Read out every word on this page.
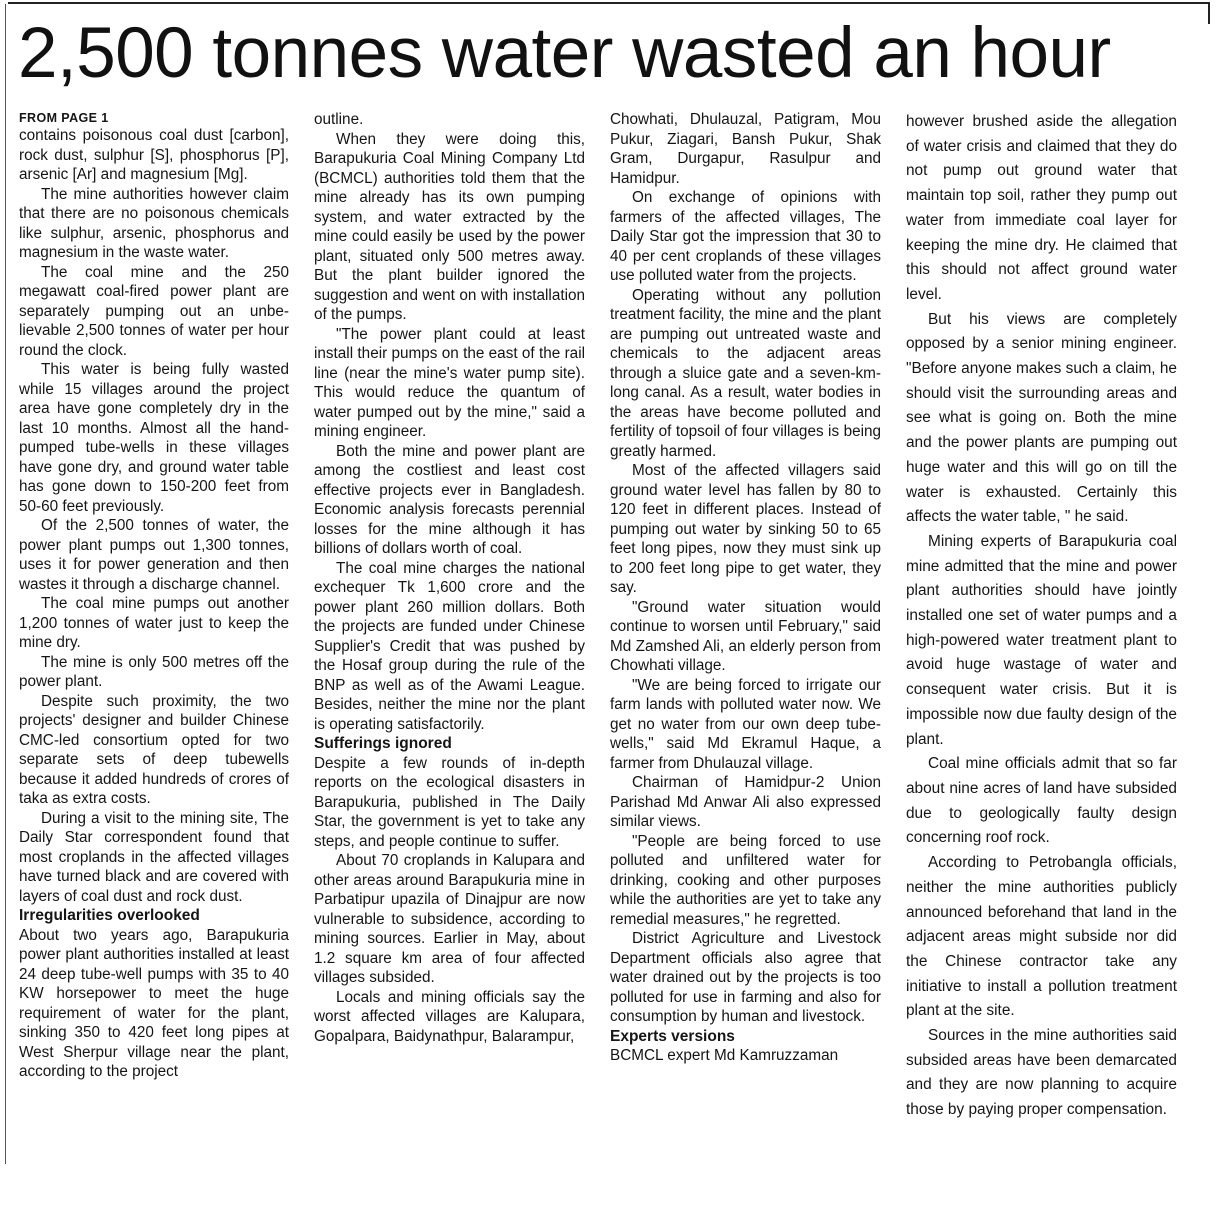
2,500 tonnes water wasted an hour
FROM PAGE 1

contains poisonous coal dust [carbon], rock dust, sulphur [S], phosphorus [P], arsenic [Ar] and magnesium [Mg].

The mine authorities however claim that there are no poisonous chemicals like sulphur, arsenic, phosphorus and magnesium in the waste water.

The coal mine and the 250 megawatt coal-fired power plant are separately pumping out an unbelievable 2,500 tonnes of water per hour round the clock.

This water is being fully wasted while 15 villages around the project area have gone completely dry in the last 10 months. Almost all the hand-pumped tube-wells in these villages have gone dry, and ground water table has gone down to 150-200 feet from 50-60 feet previously.

Of the 2,500 tonnes of water, the power plant pumps out 1,300 tonnes, uses it for power generation and then wastes it through a discharge channel.

The coal mine pumps out another 1,200 tonnes of water just to keep the mine dry.

The mine is only 500 metres off the power plant.

Despite such proximity, the two projects' designer and builder Chinese CMC-led consortium opted for two separate sets of deep tubewells because it added hundreds of crores of taka as extra costs.

During a visit to the mining site, The Daily Star correspondent found that most croplands in the affected villages have turned black and are covered with layers of coal dust and rock dust.

Irregularities overlooked

About two years ago, Barapukuria power plant authorities installed at least 24 deep tube-well pumps with 35 to 40 KW horsepower to meet the huge requirement of water for the plant, sinking 350 to 420 feet long pipes at West Sherpur village near the plant, according to the project

outline.

When they were doing this, Barapukuria Coal Mining Company Ltd (BCMCL) authorities told them that the mine already has its own pumping system, and water extracted by the mine could easily be used by the power plant, situated only 500 metres away. But the plant builder ignored the suggestion and went on with installation of the pumps.

"The power plant could at least install their pumps on the east of the rail line (near the mine's water pump site). This would reduce the quantum of water pumped out by the mine," said a mining engineer.

Both the mine and power plant are among the costliest and least cost effective projects ever in Bangladesh. Economic analysis forecasts perennial losses for the mine although it has billions of dollars worth of coal.

The coal mine charges the national exchequer Tk 1,600 crore and the power plant 260 million dollars. Both the projects are funded under Chinese Supplier's Credit that was pushed by the Hosaf group during the rule of the BNP as well as of the Awami League. Besides, neither the mine nor the plant is operating satisfactorily.

Sufferings ignored

Despite a few rounds of in-depth reports on the ecological disasters in Barapukuria, published in The Daily Star, the government is yet to take any steps, and people continue to suffer.

About 70 croplands in Kalupara and other areas around Barapukuria mine in Parbatipur upazila of Dinajpur are now vulnerable to subsidence, according to mining sources. Earlier in May, about 1.2 square km area of four affected villages subsided.

Locals and mining officials say the worst affected villages are Kalupara, Gopalpara, Baidynathpur, Balarampur,

Chowhati, Dhulauzal, Patigram, Mou Pukur, Ziagari, Bansh Pukur, Shak Gram, Durgapur, Rasulpur and Hamidpur.

On exchange of opinions with farmers of the affected villages, The Daily Star got the impression that 30 to 40 per cent croplands of these villages use polluted water from the projects.

Operating without any pollution treatment facility, the mine and the plant are pumping out untreated waste and chemicals to the adjacent areas through a sluice gate and a seven-km-long canal. As a result, water bodies in the areas have become polluted and fertility of topsoil of four villages is being greatly harmed.

Most of the affected villagers said ground water level has fallen by 80 to 120 feet in different places. Instead of pumping out water by sinking 50 to 65 feet long pipes, now they must sink up to 200 feet long pipe to get water, they say.

"Ground water situation would continue to worsen until February," said Md Zamshed Ali, an elderly person from Chowhati village.

"We are being forced to irrigate our farm lands with polluted water now. We get no water from our own deep tube-wells," said Md Ekramul Haque, a farmer from Dhulauzal village.

Chairman of Hamidpur-2 Union Parishad Md Anwar Ali also expressed similar views.

"People are being forced to use polluted and unfiltered water for drinking, cooking and other purposes while the authorities are yet to take any remedial measures," he regretted.

District Agriculture and Livestock Department officials also agree that water drained out by the projects is too polluted for use in farming and also for consumption by human and livestock.

Experts versions

BCMCL expert Md Kamruzzaman

however brushed aside the allegation of water crisis and claimed that they do not pump out ground water that maintain top soil, rather they pump out water from immediate coal layer for keeping the mine dry. He claimed that this should not affect ground water level.

But his views are completely opposed by a senior mining engineer. "Before anyone makes such a claim, he should visit the surrounding areas and see what is going on. Both the mine and the power plants are pumping out huge water and this will go on till the water is exhausted. Certainly this affects the water table, " he said.

Mining experts of Barapukuria coal mine admitted that the mine and power plant authorities should have jointly installed one set of water pumps and a high-powered water treatment plant to avoid huge wastage of water and consequent water crisis. But it is impossible now due faulty design of the plant.

Coal mine officials admit that so far about nine acres of land have subsided due to geologically faulty design concerning roof rock.

According to Petrobangla officials, neither the mine authorities publicly announced beforehand that land in the adjacent areas might subside nor did the Chinese contractor take any initiative to install a pollution treatment plant at the site.

Sources in the mine authorities said subsided areas have been demarcated and they are now planning to acquire those by paying proper compensation.
